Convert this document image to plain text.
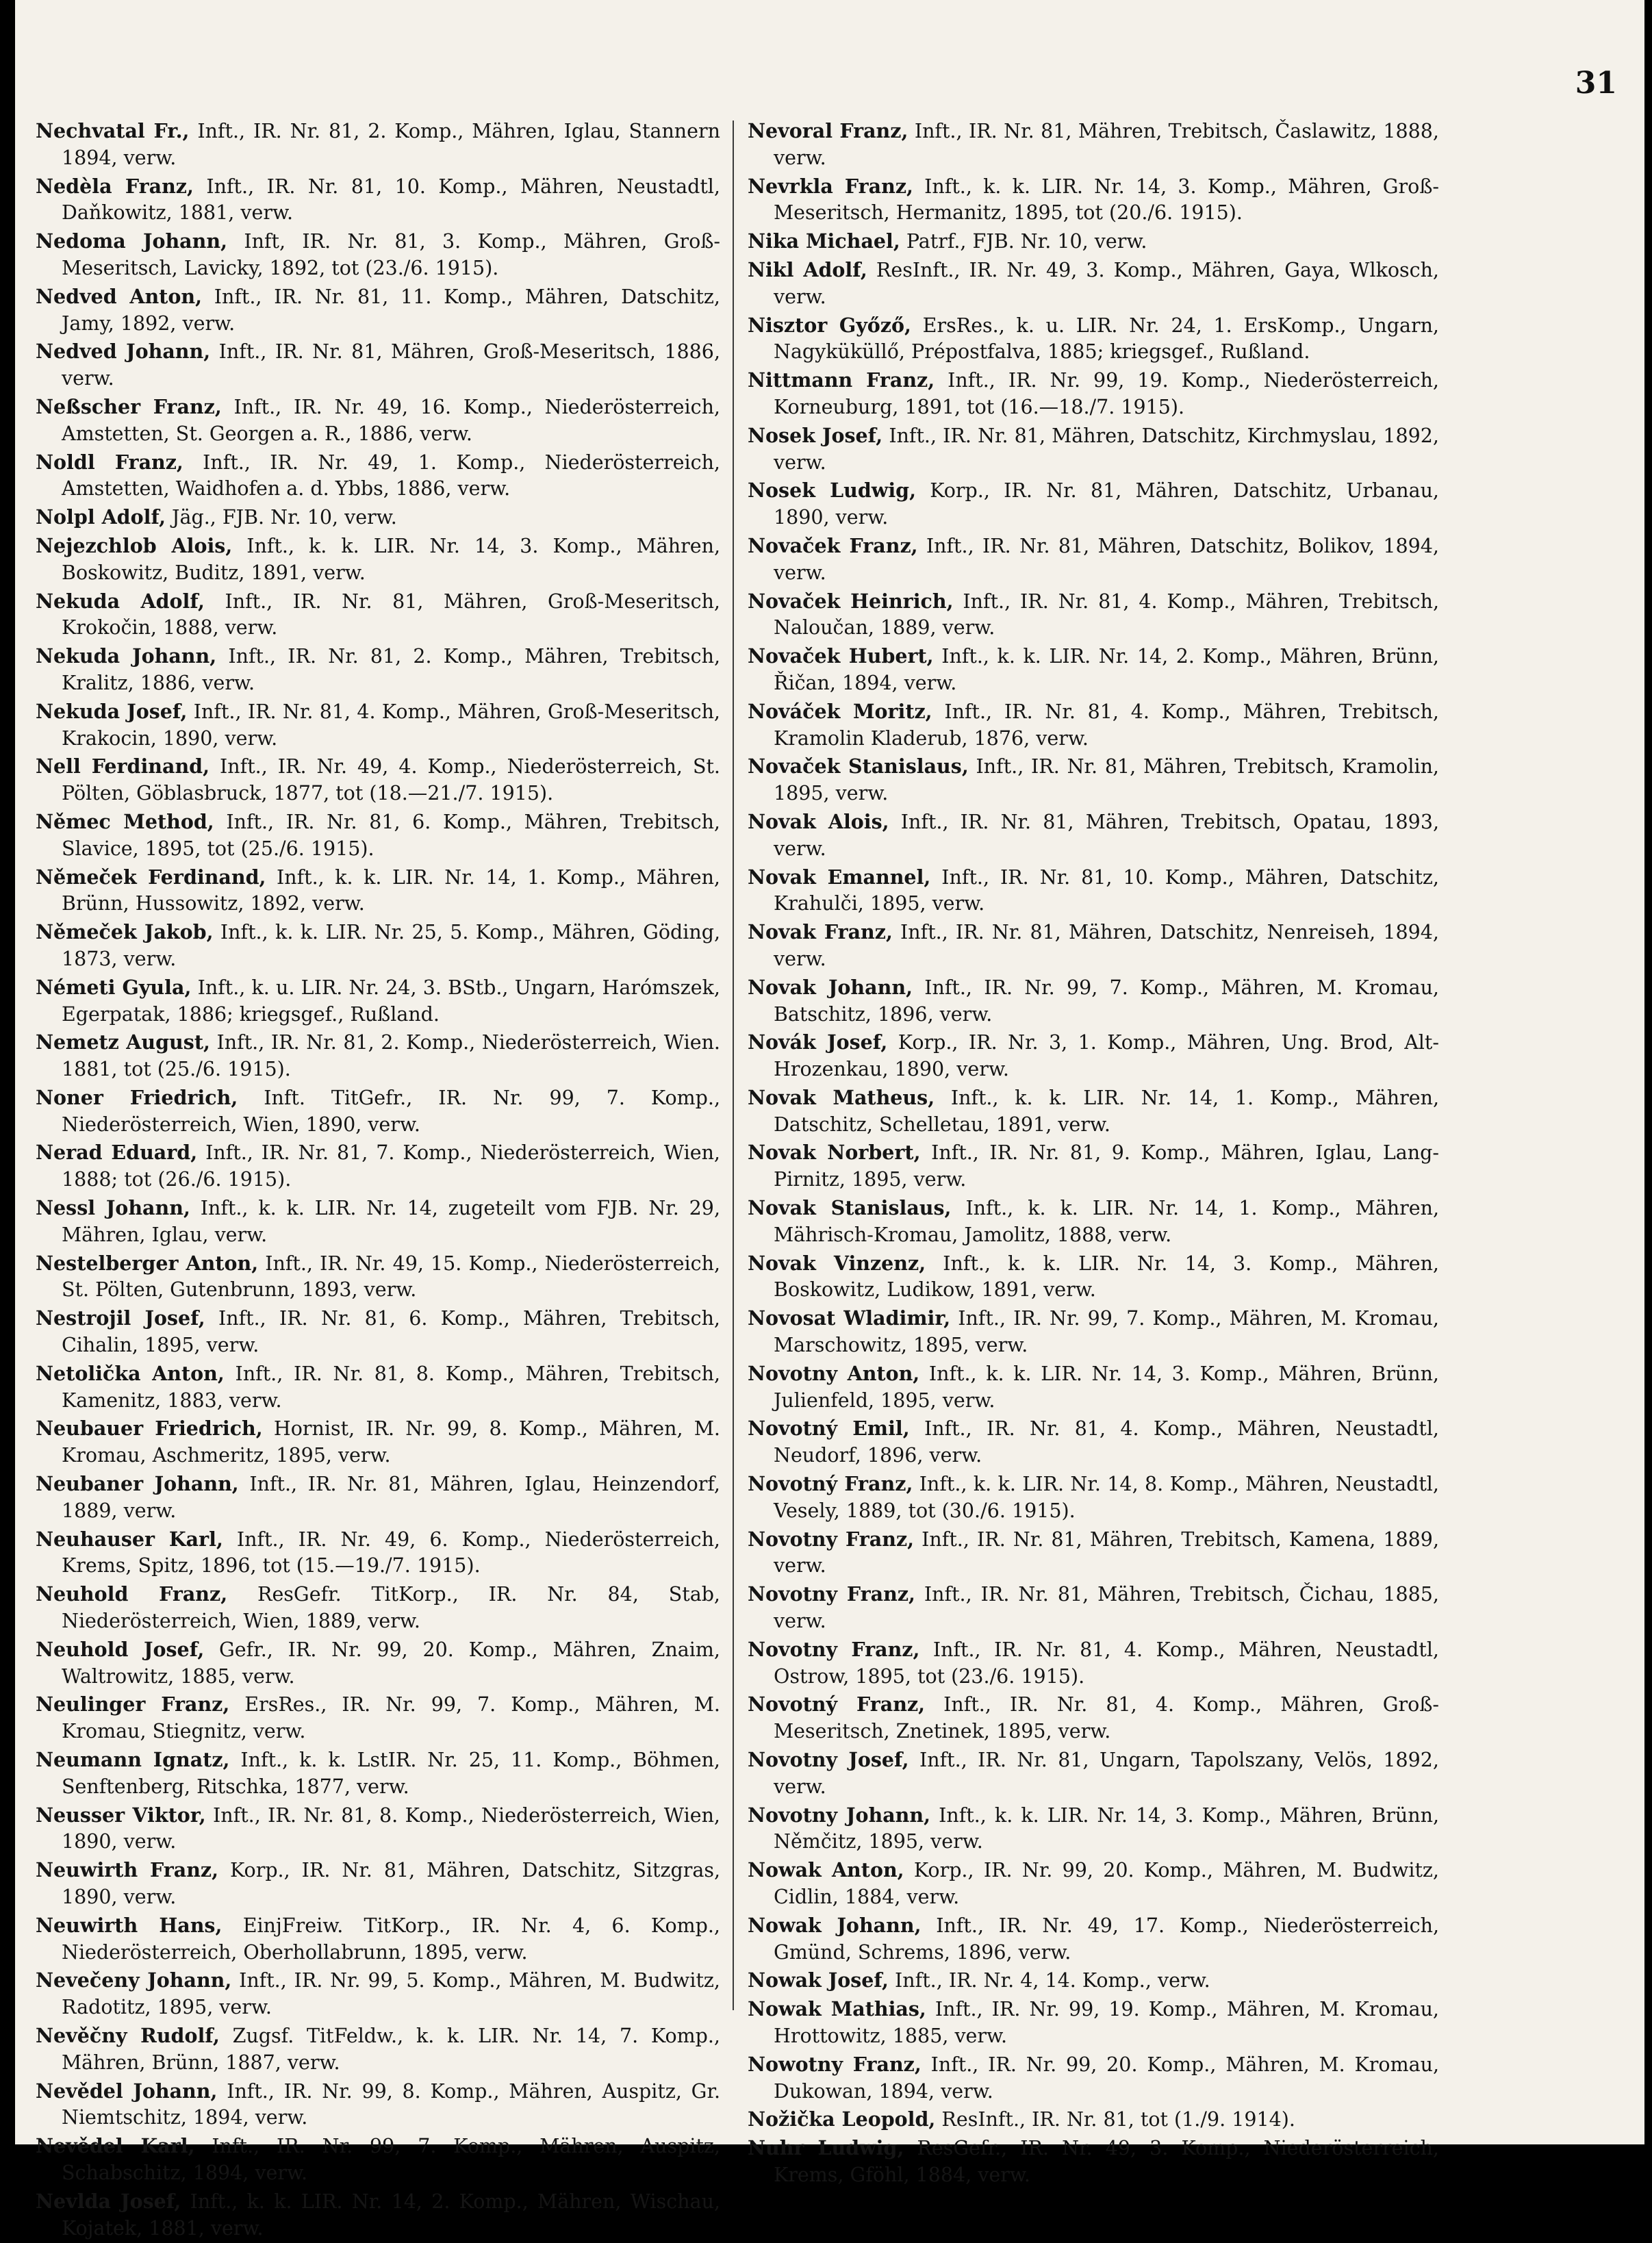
31

Nechvatal Fr., Inft., IR. Nr. 81, 2. Komp., Mähren, Iglau, Stannern 1894, verw.

Nedèla Franz, Inft., IR. Nr. 81, 10. Komp., Mähren, Neustadtl, Daňkowitz, 1881, verw.

Nedoma Johann, Inft, IR. Nr. 81, 3. Komp., Mähren, Groß-Meseritsch, Lavicky, 1892, tot (23./6. 1915).

Nedved Anton, Inft., IR. Nr. 81, 11. Komp., Mähren, Datschitz, Jamy, 1892, verw.

Nedved Johann, Inft., IR. Nr. 81, Mähren, Groß-Meseritsch, 1886, verw.

Neßscher Franz, Inft., IR. Nr. 49, 16. Komp., Niederösterreich, Amstetten, St. Georgen a. R., 1886, verw.

Noldl Franz, Inft., IR. Nr. 49, 1. Komp., Niederösterreich, Amstetten, Waidhofen a. d. Ybbs, 1886, verw.

Nolpl Adolf, Jäg., FJB. Nr. 10, verw.

Nejezchlob Alois, Inft., k. k. LIR. Nr. 14, 3. Komp., Mähren, Boskowitz, Buditz, 1891, verw.

Nekuda Adolf, Inft., IR. Nr. 81, Mähren, Groß-Meseritsch, Krokočin, 1888, verw.

Nekuda Johann, Inft., IR. Nr. 81, 2. Komp., Mähren, Trebitsch, Kralitz, 1886, verw.

Nekuda Josef, Inft., IR. Nr. 81, 4. Komp., Mähren, Groß-Meseritsch, Krakocin, 1890, verw.

Nell Ferdinand, Inft., IR. Nr. 49, 4. Komp., Niederösterreich, St. Pölten, Göblasbruck, 1877, tot (18.—21./7. 1915).

Němec Method, Inft., IR. Nr. 81, 6. Komp., Mähren, Trebitsch, Slavice, 1895, tot (25./6. 1915).

Němeček Ferdinand, Inft., k. k. LIR. Nr. 14, 1. Komp., Mähren, Brünn, Hussowitz, 1892, verw.

Němeček Jakob, Inft., k. k. LIR. Nr. 25, 5. Komp., Mähren, Göding, 1873, verw.

Németi Gyula, Inft., k. u. LIR. Nr. 24, 3. BStb., Ungarn, Harómszek, Egerpatak, 1886; kriegsgef., Rußland.

Nemetz August, Inft., IR. Nr. 81, 2. Komp., Niederösterreich, Wien. 1881, tot (25./6. 1915).

Noner Friedrich, Inft. TitGefr., IR. Nr. 99, 7. Komp., Niederösterreich, Wien, 1890, verw.

Nerad Eduard, Inft., IR. Nr. 81, 7. Komp., Niederösterreich, Wien, 1888; tot (26./6. 1915).

Nessl Johann, Inft., k. k. LIR. Nr. 14, zugeteilt vom FJB. Nr. 29, Mähren, Iglau, verw.

Nestelberger Anton, Inft., IR. Nr. 49, 15. Komp., Niederösterreich, St. Pölten, Gutenbrunn, 1893, verw.

Nestrojil Josef, Inft., IR. Nr. 81, 6. Komp., Mähren, Trebitsch, Cihalin, 1895, verw.

Netolička Anton, Inft., IR. Nr. 81, 8. Komp., Mähren, Trebitsch, Kamenitz, 1883, verw.

Neubauer Friedrich, Hornist, IR. Nr. 99, 8. Komp., Mähren, M. Kromau, Aschmeritz, 1895, verw.

Neubaner Johann, Inft., IR. Nr. 81, Mähren, Iglau, Heinzendorf, 1889, verw.

Neuhauser Karl, Inft., IR. Nr. 49, 6. Komp., Niederösterreich, Krems, Spitz, 1896, tot (15.—19./7. 1915).

Neuhold Franz, ResGefr. TitKorp., IR. Nr. 84, Stab, Niederösterreich, Wien, 1889, verw.

Neuhold Josef, Gefr., IR. Nr. 99, 20. Komp., Mähren, Znaim, Waltrowitz, 1885, verw.

Neulinger Franz, ErsRes., IR. Nr. 99, 7. Komp., Mähren, M. Kromau, Stiegnitz, verw.

Neumann Ignatz, Inft., k. k. LstIR. Nr. 25, 11. Komp., Böhmen, Senftenberg, Ritschka, 1877, verw.

Neusser Viktor, Inft., IR. Nr. 81, 8. Komp., Niederösterreich, Wien, 1890, verw.

Neuwirth Franz, Korp., IR. Nr. 81, Mähren, Datschitz, Sitzgras, 1890, verw.

Neuwirth Hans, EinjFreiw. TitKorp., IR. Nr. 4, 6. Komp., Niederösterreich, Oberhollabrunn, 1895, verw.

Nevečeny Johann, Inft., IR. Nr. 99, 5. Komp., Mähren, M. Budwitz, Radotitz, 1895, verw.

Nevěčny Rudolf, Zugsf. TitFeldw., k. k. LIR. Nr. 14, 7. Komp., Mähren, Brünn, 1887, verw.

Nevědel Johann, Inft., IR. Nr. 99, 8. Komp., Mähren, Auspitz, Gr. Niemtschitz, 1894, verw.

Nevědel Karl, Inft., IR. Nr. 99, 7. Komp., Mähren, Auspitz, Schabschitz, 1894, verw.

Nevlda Josef, Inft., k. k. LIR. Nr. 14, 2. Komp., Mähren, Wischau, Kojatek, 1881, verw.

Nevoral Franz, Inft., IR. Nr. 81, Mähren, Trebitsch, Časlawitz, 1888, verw.

Nevrkla Franz, Inft., k. k. LIR. Nr. 14, 3. Komp., Mähren, Groß-Meseritsch, Hermanitz, 1895, tot (20./6. 1915).

Nika Michael, Patrf., FJB. Nr. 10, verw.

Nikl Adolf, ResInft., IR. Nr. 49, 3. Komp., Mähren, Gaya, Wlkosch, verw.

Nisztor Győző, ErsRes., k. u. LIR. Nr. 24, 1. ErsKomp., Ungarn, Nagyküküllő, Prépostfalva, 1885; kriegsgef., Rußland.

Nittmann Franz, Inft., IR. Nr. 99, 19. Komp., Niederösterreich, Korneuburg, 1891, tot (16.—18./7. 1915).

Nosek Josef, Inft., IR. Nr. 81, Mähren, Datschitz, Kirchmyslau, 1892, verw.

Nosek Ludwig, Korp., IR. Nr. 81, Mähren, Datschitz, Urbanau, 1890, verw.

Novaček Franz, Inft., IR. Nr. 81, Mähren, Datschitz, Bolikov, 1894, verw.

Novaček Heinrich, Inft., IR. Nr. 81, 4. Komp., Mähren, Trebitsch, Naloučan, 1889, verw.

Novaček Hubert, Inft., k. k. LIR. Nr. 14, 2. Komp., Mähren, Brünn, Řičan, 1894, verw.

Nováček Moritz, Inft., IR. Nr. 81, 4. Komp., Mähren, Trebitsch, Kramolin Kladerub, 1876, verw.

Novaček Stanislaus, Inft., IR. Nr. 81, Mähren, Trebitsch, Kramolin, 1895, verw.

Novak Alois, Inft., IR. Nr. 81, Mähren, Trebitsch, Opatau, 1893, verw.

Novak Emannel, Inft., IR. Nr. 81, 10. Komp., Mähren, Datschitz, Krahulči, 1895, verw.

Novak Franz, Inft., IR. Nr. 81, Mähren, Datschitz, Nenreiseh, 1894, verw.

Novak Johann, Inft., IR. Nr. 99, 7. Komp., Mähren, M. Kromau, Batschitz, 1896, verw.

Novák Josef, Korp., IR. Nr. 3, 1. Komp., Mähren, Ung. Brod, Alt-Hrozenkau, 1890, verw.

Novak Matheus, Inft., k. k. LIR. Nr. 14, 1. Komp., Mähren, Datschitz, Schelletau, 1891, verw.

Novak Norbert, Inft., IR. Nr. 81, 9. Komp., Mähren, Iglau, Lang-Pirnitz, 1895, verw.

Novak Stanislaus, Inft., k. k. LIR. Nr. 14, 1. Komp., Mähren, Mährisch-Kromau, Jamolitz, 1888, verw.

Novak Vinzenz, Inft., k. k. LIR. Nr. 14, 3. Komp., Mähren, Boskowitz, Ludikow, 1891, verw.

Novosat Wladimir, Inft., IR. Nr. 99, 7. Komp., Mähren, M. Kromau, Marschowitz, 1895, verw.

Novotny Anton, Inft., k. k. LIR. Nr. 14, 3. Komp., Mähren, Brünn, Julienfeld, 1895, verw.

Novotný Emil, Inft., IR. Nr. 81, 4. Komp., Mähren, Neustadtl, Neudorf, 1896, verw.

Novotný Franz, Inft., k. k. LIR. Nr. 14, 8. Komp., Mähren, Neustadtl, Vesely, 1889, tot (30./6. 1915).

Novotny Franz, Inft., IR. Nr. 81, Mähren, Trebitsch, Kamena, 1889, verw.

Novotny Franz, Inft., IR. Nr. 81, Mähren, Trebitsch, Čichau, 1885, verw.

Novotny Franz, Inft., IR. Nr. 81, 4. Komp., Mähren, Neustadtl, Ostrow, 1895, tot (23./6. 1915).

Novotný Franz, Inft., IR. Nr. 81, 4. Komp., Mähren, Groß-Meseritsch, Znetinek, 1895, verw.

Novotny Josef, Inft., IR. Nr. 81, Ungarn, Tapolszany, Velös, 1892, verw.

Novotny Johann, Inft., k. k. LIR. Nr. 14, 3. Komp., Mähren, Brünn, Němčitz, 1895, verw.

Nowak Anton, Korp., IR. Nr. 99, 20. Komp., Mähren, M. Budwitz, Cidlin, 1884, verw.

Nowak Johann, Inft., IR. Nr. 49, 17. Komp., Niederösterreich, Gmünd, Schrems, 1896, verw.

Nowak Josef, Inft., IR. Nr. 4, 14. Komp., verw.

Nowak Mathias, Inft., IR. Nr. 99, 19. Komp., Mähren, M. Kromau, Hrottowitz, 1885, verw.

Nowotny Franz, Inft., IR. Nr. 99, 20. Komp., Mähren, M. Kromau, Dukowan, 1894, verw.

Nožička Leopold, ResInft., IR. Nr. 81, tot (1./9. 1914).

Nuhr Ludwig, ResGefr., IR. Nr. 49, 3. Komp., Niederösterreich, Krems, Gföhl, 1884, verw.
